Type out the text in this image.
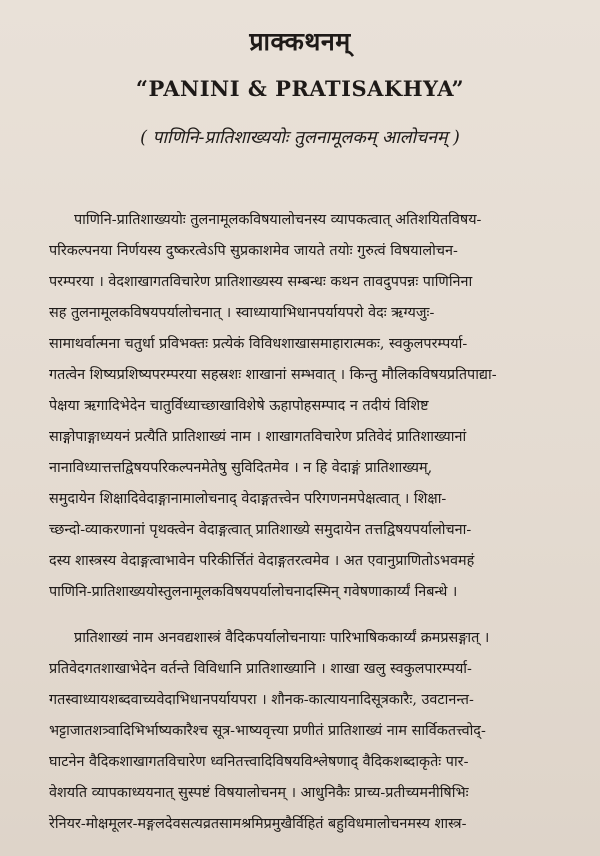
प्राक्कथनम्
“PANINI & PRATISAKHYA”
( पाणिनि-प्रातिशाख्ययोः तुलनामूलकम् आलोचनम् )
पाणिनि-प्रातिशाख्ययोः तुलनामूलकविषयालोचनस्य व्यापकत्वात् अतिशयितविषय-
परिकल्पनया निर्णयस्य दुष्करत्वेऽपि सुप्रकाशमेव जायते तयोः गुरुत्वं विषयालोचन-
परम्परया । वेदशाखागतविचारेण प्रातिशाख्यस्य सम्बन्धः कथन तावदुपपन्नः पाणिनिना
सह तुलनामूलकविषयपर्यालोचनात् । स्वाध्यायाभिधानपर्यायपरो वेदः ऋग्यजुः-
सामाथर्वात्मना चतुर्धा प्रविभक्तः प्रत्येकं विविधशाखासमाहारात्मकः, स्वकुलपरम्पर्या-
गतत्वेन शिष्यप्रशिष्यपरम्परया सहस्रशः शाखानां सम्भवात् । किन्तु मौलिकविषयप्रतिपाद्या-
पेक्षया ऋगादिभेदेन चातुर्विध्याच्छाखाविशेषे ऊहापोहसम्पाद न तदीयं विशिष्ट
साङ्गोपाङ्गाध्ययनं प्रत्यैति प्रातिशाख्यं नाम । शाखागतविचारेण प्रतिवेदं प्रातिशाख्यानां
नानाविध्यात्तत्तद्विषयपरिकल्पनमेतेषु सुविदितमेव । न हि वेदाङ्गं प्रातिशाख्यम्,
समुदायेन शिक्षादिवेदाङ्गानामालोचनाद् वेदाङ्गतत्त्वेन परिगणनमपेक्षत्वात् । शिक्षा-
च्छन्दो-व्याकरणानां पृथक्त्वेन वेदाङ्गत्वात् प्रातिशाख्ये समुदायेन तत्तद्विषयपर्यालोचना-
दस्य शास्त्रस्य वेदाङ्गत्वाभावेन परिकीर्त्तितं वेदाङ्गतरत्वमेव । अत एवानुप्राणितोऽभवमहं
पाणिनि-प्रातिशाख्ययोस्तुलनामूलकविषयपर्यालोचनादस्मिन् गवेषणाकार्य्यं निबन्धे ।
प्रातिशाख्यं नाम अनवद्यशास्त्रं वैदिकपर्यालोचनायाः पारिभाषिककार्य्यं क्रमप्रसङ्गात् ।
प्रतिवेदगतशाखाभेदेन वर्तन्ते विविधानि प्रातिशाख्यानि । शाखा खलु स्वकुलपारम्पर्या-
गतस्वाध्यायशब्दवाच्यवेदाभिधानपर्यायपरा । शौनक-कात्यायनादिसूत्रकारैः, उवटानन्त-
भट्टाजातशत्र्वादिभिर्भाष्यकारैश्च सूत्र-भाष्यवृत्त्या प्रणीतं प्रातिशाख्यं नाम सार्विकतत्त्वोद्-
घाटनेन वैदिकशाखागतविचारेण ध्वनितत्त्वादिविषयविश्लेषणाद् वैदिकशब्दाकृतेः पार-
वेशयति व्यापकाध्ययनात् सुस्पष्टं विषयालोचनम् । आधुनिकैः प्राच्य-प्रतीच्यमनीषिभिः
रेनियर-मोक्षमूलर-मङ्गलदेवसत्यव्रतसामश्रमिप्रमुखैर्विहितं बहुविधमालोचनमस्य शास्त्र-
